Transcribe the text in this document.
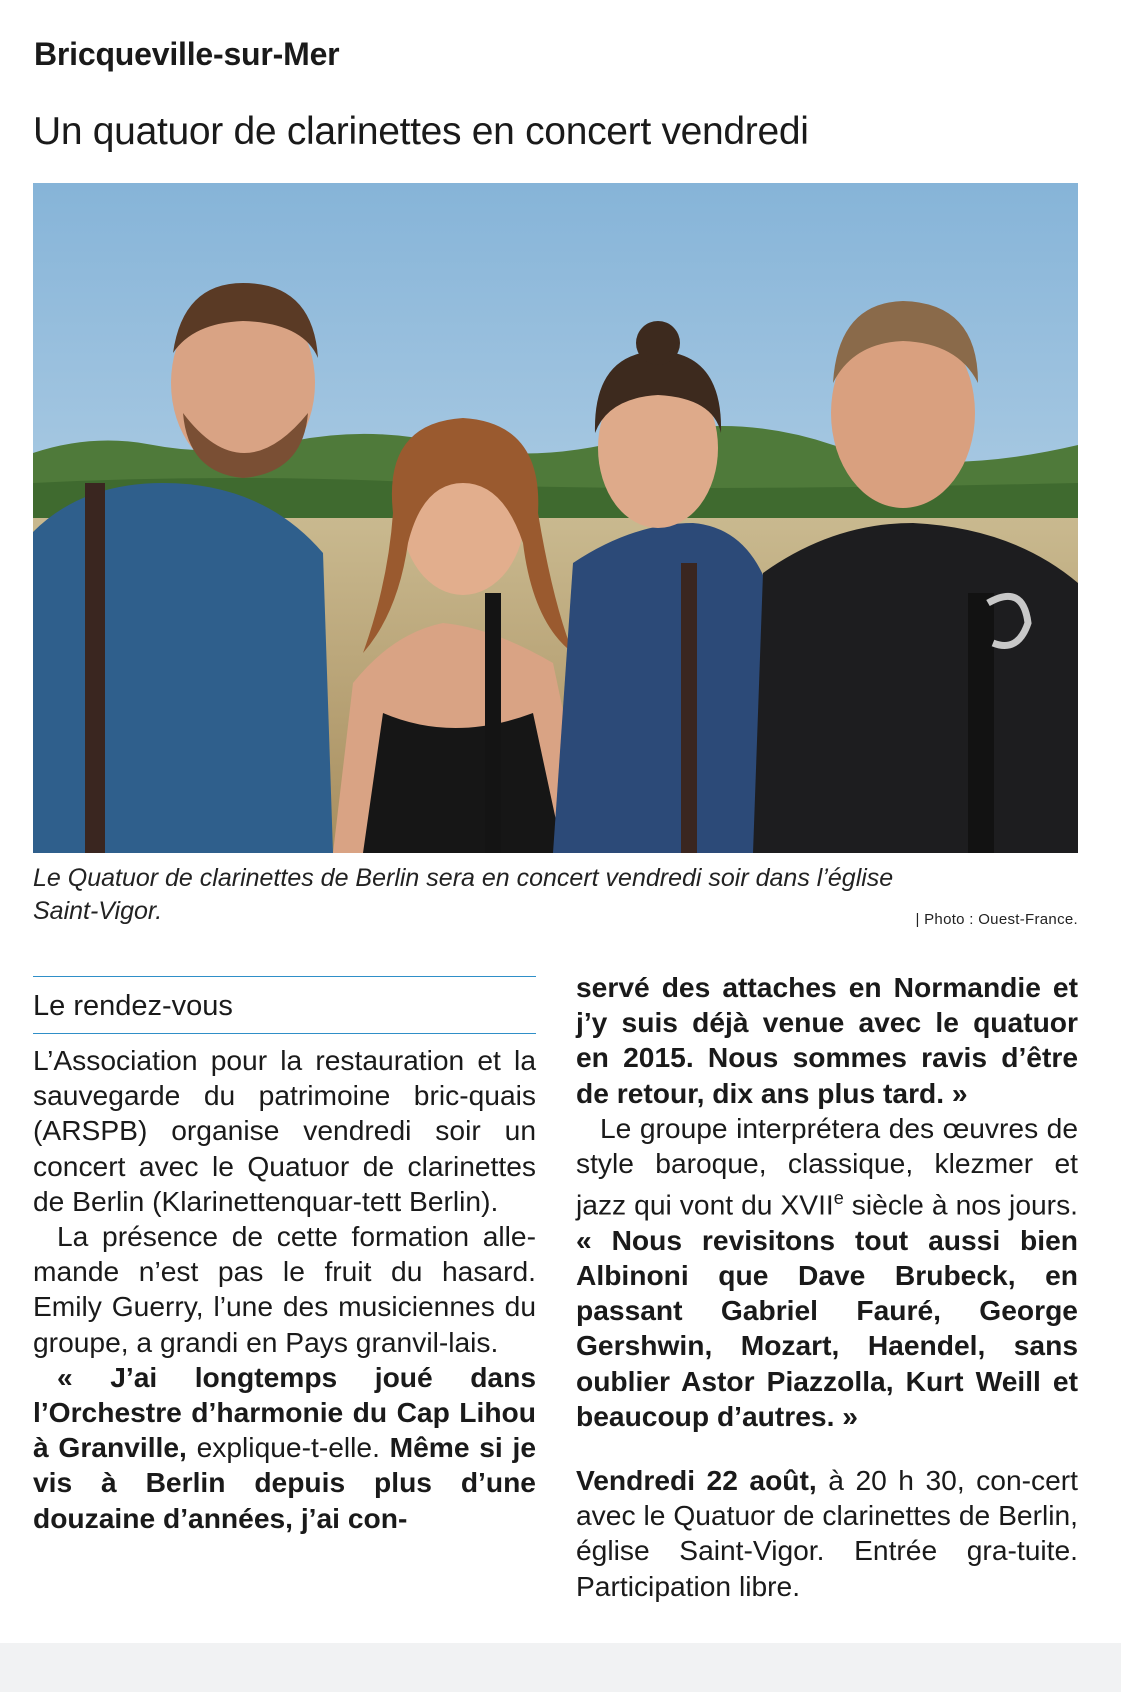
Bricqueville-sur-Mer
Un quatuor de clarinettes en concert vendredi
Le Quatuor de clarinettes de Berlin sera en concert vendredi soir dans l’église
Saint-Vigor.	| Photo : Ouest-France.
Le rendez-vous

L’Association pour la restauration et la sauvegarde du patrimoine bric-quais (ARSPB) organise vendredi soir un concert avec le Quatuor de clarinettes de Berlin (Klarinettenquar-tett Berlin).

La présence de cette formation alle-mande n’est pas le fruit du hasard. Emily Guerry, l’une des musiciennes du groupe, a grandi en Pays granvil-lais.

« J’ai longtemps joué dans l’Orchestre d’harmonie du Cap Lihou à Granville, explique-t-elle. Même si je vis à Berlin depuis plus d’une douzaine d’années, j’ai con-

servé des attaches en Normandie et j’y suis déjà venue avec le quatuor en 2015. Nous sommes ravis d’être de retour, dix ans plus tard. »

Le groupe interprétera des œuvres de style baroque, classique, klezmer et jazz qui vont du XVIIe siècle à nos jours. « Nous revisitons tout aussi bien Albinoni que Dave Brubeck, en passant Gabriel Fauré, George Gershwin, Mozart, Haendel, sans oublier Astor Piazzolla, Kurt Weill et beaucoup d’autres. »

Vendredi 22 août, à 20 h 30, con-cert avec le Quatuor de clarinettes de Berlin, église Saint-Vigor. Entrée gra-tuite. Participation libre.
